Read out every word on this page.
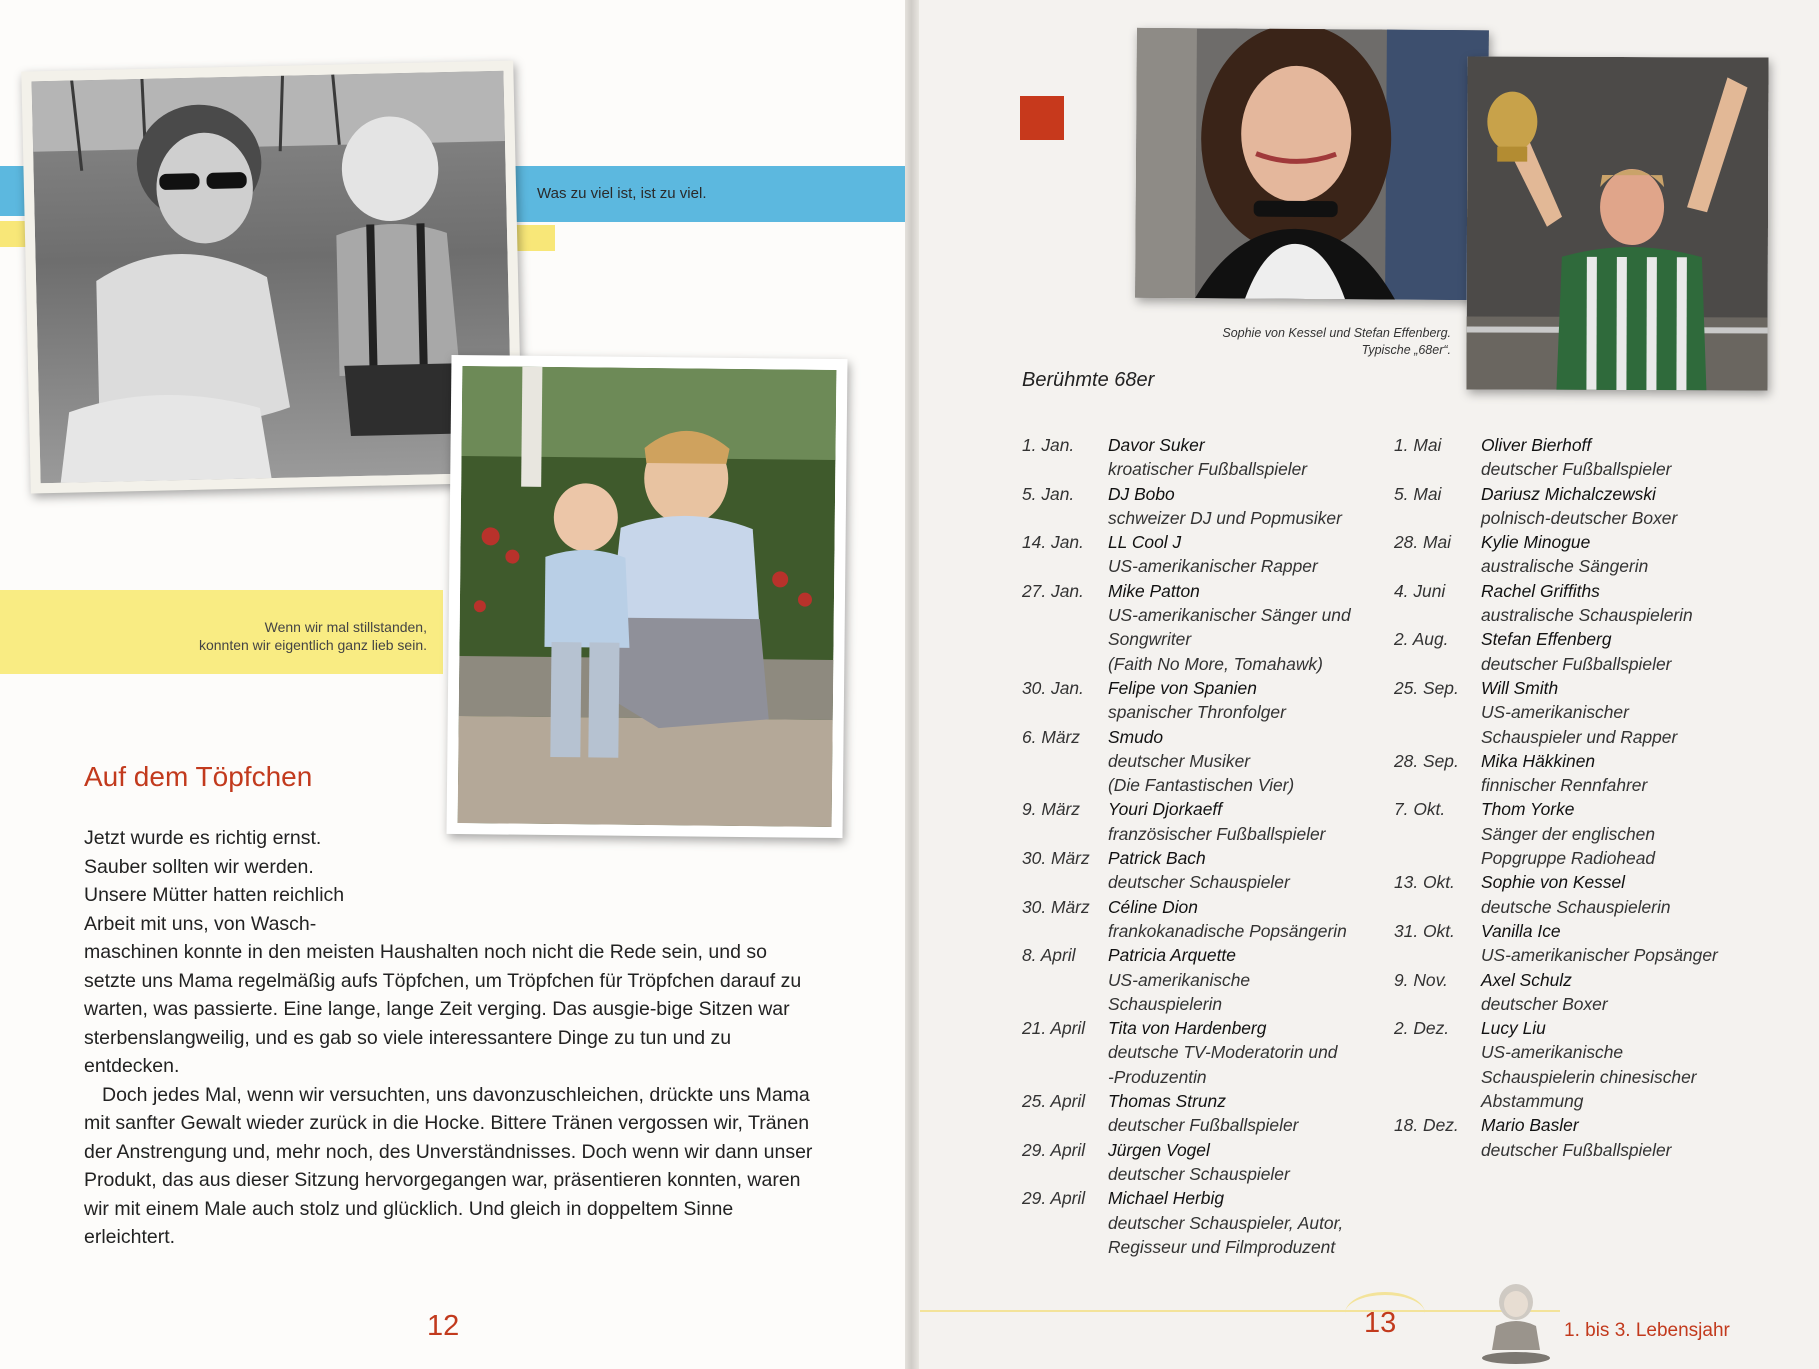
Was zu viel ist, ist zu viel.
Wenn wir mal stillstanden,
konnten wir eigentlich ganz lieb sein.
Auf dem Töpfchen

Jetzt wurde es richtig ernst.

Sauber sollten wir werden.

Unsere Mütter hatten reichlich

Arbeit mit uns, von Wasch-

maschinen konnte in den meisten Haushalten noch nicht die Rede sein, und so setzte uns Mama regelmäßig aufs Töpfchen, um Tröpfchen für Tröpfchen darauf zu warten, was passierte. Eine lange, lange Zeit verging. Das ausgie-bige Sitzen war sterbenslangweilig, und es gab so viele interessantere Dinge zu tun und zu entdecken.

Doch jedes Mal, wenn wir versuchten, uns davonzuschleichen, drückte uns Mama mit sanfter Gewalt wieder zurück in die Hocke. Bittere Tränen vergossen wir, Tränen der Anstrengung und, mehr noch, des Unverständnisses. Doch wenn wir dann unser Produkt, das aus dieser Sitzung hervorgegangen war, präsentieren konnten, waren wir mit einem Male auch stolz und glücklich. Und gleich in doppeltem Sinne erleichtert.

12
Sophie von Kessel und Stefan Effenberg.
Typische „68er“.
Berühmte 68er
1. Jan.	Davor Suker
kroatischer Fußballspieler
5. Jan.	DJ Bobo
schweizer DJ und Popmusiker
14. Jan.	LL Cool J
US-amerikanischer Rapper
27. Jan.	Mike Patton
US-amerikanischer Sänger und
Songwriter
(Faith No More, Tomahawk)
30. Jan.	Felipe von Spanien
spanischer Thronfolger
6. März	Smudo
deutscher Musiker
(Die Fantastischen Vier)
9. März	Youri Djorkaeff
französischer Fußballspieler
30. März	Patrick Bach
deutscher Schauspieler
30. März	Céline Dion
frankokanadische Popsängerin
8. April	Patricia Arquette
US-amerikanische
Schauspielerin
21. April	Tita von Hardenberg
deutsche TV-Moderatorin und
-Produzentin
25. April	Thomas Strunz
deutscher Fußballspieler
29. April	Jürgen Vogel
deutscher Schauspieler
29. April	Michael Herbig
deutscher Schauspieler, Autor,
Regisseur und Filmproduzent
1. Mai	Oliver Bierhoff
deutscher Fußballspieler
5. Mai	Dariusz Michalczewski
polnisch-deutscher Boxer
28. Mai	Kylie Minogue
australische Sängerin
4. Juni	Rachel Griffiths
australische Schauspielerin
2. Aug.	Stefan Effenberg
deutscher Fußballspieler
25. Sep.	Will Smith
US-amerikanischer
Schauspieler und Rapper
28. Sep.	Mika Häkkinen
finnischer Rennfahrer
7. Okt.	Thom Yorke
Sänger der englischen
Popgruppe Radiohead
13. Okt.	Sophie von Kessel
deutsche Schauspielerin
31. Okt.	Vanilla Ice
US-amerikanischer Popsänger
9. Nov.	Axel Schulz
deutscher Boxer
2. Dez.	Lucy Liu
US-amerikanische
Schauspielerin chinesischer
Abstammung
18. Dez.	Mario Basler
deutscher Fußballspieler
13	1. bis 3. Lebensjahr
